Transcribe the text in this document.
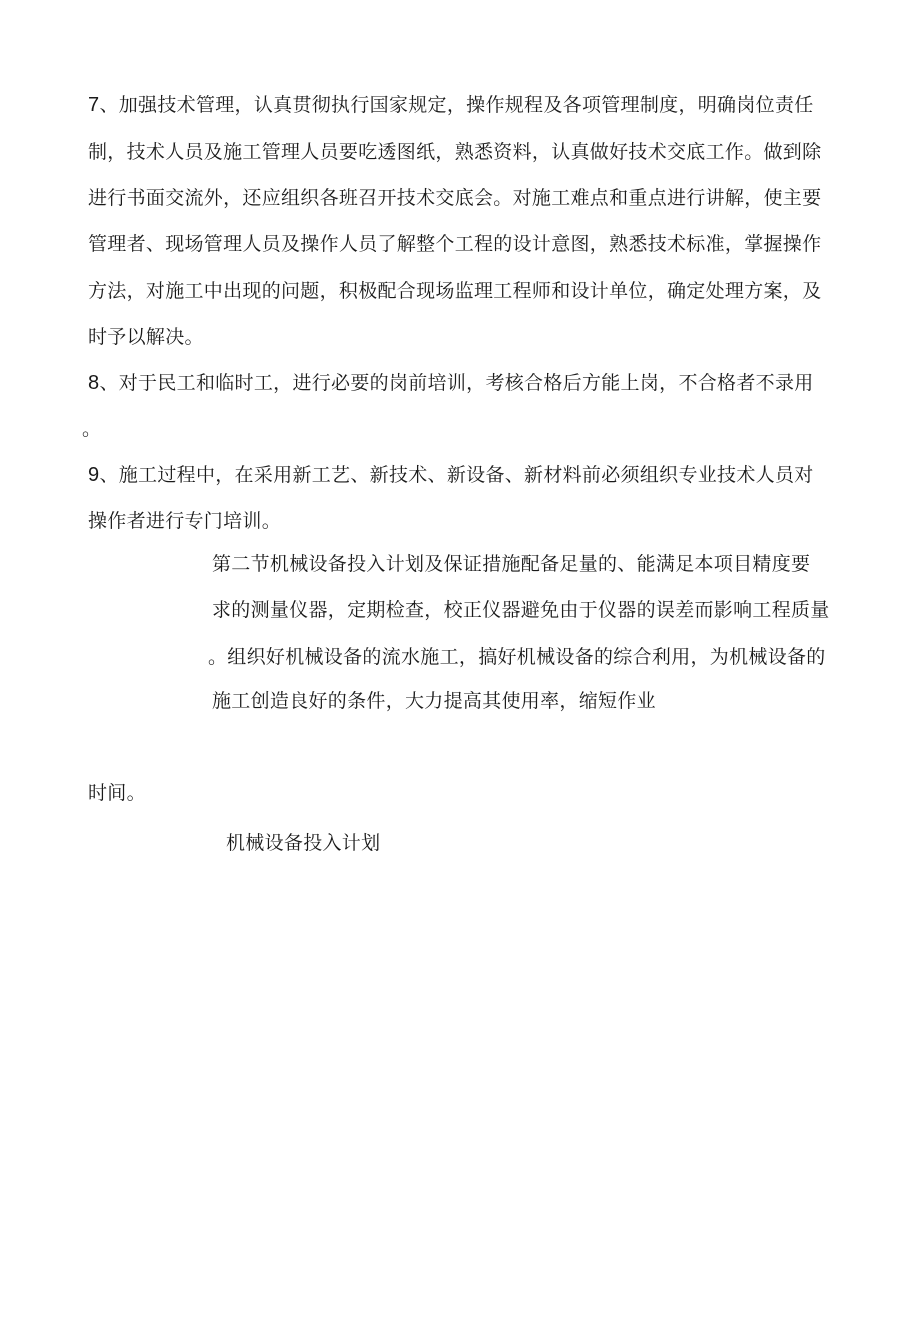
7、加强技术管理，认真贯彻执行国家规定，操作规程及各项管理制度，明确岗位责任
制，技术人员及施工管理人员要吃透图纸，熟悉资料，认真做好技术交底工作。做到除
进行书面交流外，还应组织各班召开技术交底会。对施工难点和重点进行讲解，使主要
管理者、现场管理人员及操作人员了解整个工程的设计意图，熟悉技术标准，掌握操作
方法，对施工中出现的问题，积极配合现场监理工程师和设计单位，确定处理方案，及
时予以解决。
8、对于民工和临时工，进行必要的岗前培训，考核合格后方能上岗，不合格者不录用
。
9、施工过程中，在采用新工艺、新技术、新设备、新材料前必须组织专业技术人员对
操作者进行专门培训。
第二节机械设备投入计划及保证措施配备足量的、能满足本项目精度要
求的测量仪器，定期检查，校正仪器避免由于仪器的误差而影响工程质量
。组织好机械设备的流水施工，搞好机械设备的综合利用，为机械设备的
施工创造良好的条件，大力提高其使用率，缩短作业
时间。
机械设备投入计划
